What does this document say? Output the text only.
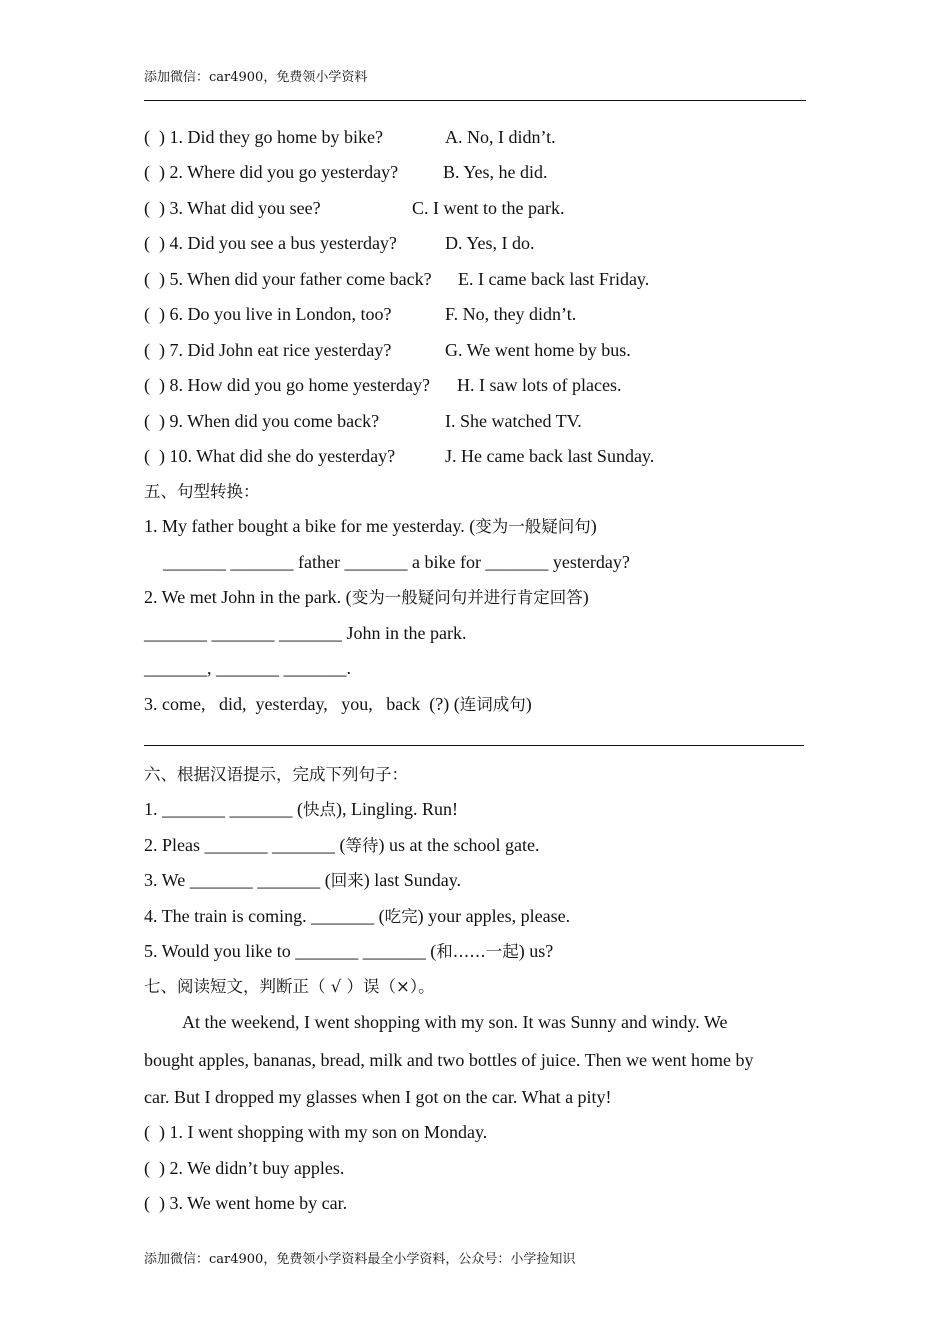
添加微信：car4900，免费领小学资料
(  ) 1. Did they go home by bike?	A. No, I didn’t.
(  ) 2. Where did you go yesterday? B. Yes, he did.
(  ) 3. What did you see?	C. I went to the park.
(  ) 4. Did you see a bus yesterday?	D. Yes, I do.
(  ) 5. When did your father come back? E. I came back last Friday.
(  ) 6. Do you live in London, too?	F. No, they didn’t.
(  ) 7. Did John eat rice yesterday?	G. We went home by bus.
(  ) 8. How did you go home yesterday? H. I saw lots of places.
(  ) 9. When did you come back?	I. She watched TV.
(  ) 10. What did she do yesterday?	J. He came back last Sunday.
五、句型转换：
1. My father bought a bike for me yesterday. (变为一般疑问句)
_______ _______ father _______ a bike for _______ yesterday?
2. We met John in the park. (变为一般疑问句并进行肯定回答)
_______ _______ _______ John in the park.
_______, _______ _______.
3. come,   did,  yesterday,   you,   back  (?) (连词成句)
六、根据汉语提示，完成下列句子：
1. _______ _______ (快点), Lingling. Run!
2. Pleas _______ _______ (等待) us at the school gate.
3. We _______ _______ (回来) last Sunday.
4. The train is coming. _______ (吃完) your apples, please.
5. Would you like to _______ _______ (和……一起) us?
七、阅读短文，判断正（ √ ）误（×）。
At the weekend, I went shopping with my son. It was Sunny and windy. We
bought apples, bananas, bread, milk and two bottles of juice. Then we went home by
car. But I dropped my glasses when I got on the car. What a pity!
(  ) 1. I went shopping with my son on Monday.
(  ) 2. We didn’t buy apples.
(  ) 3. We went home by car.
添加微信：car4900，免费领小学资料最全小学资料，公众号：小学捡知识
